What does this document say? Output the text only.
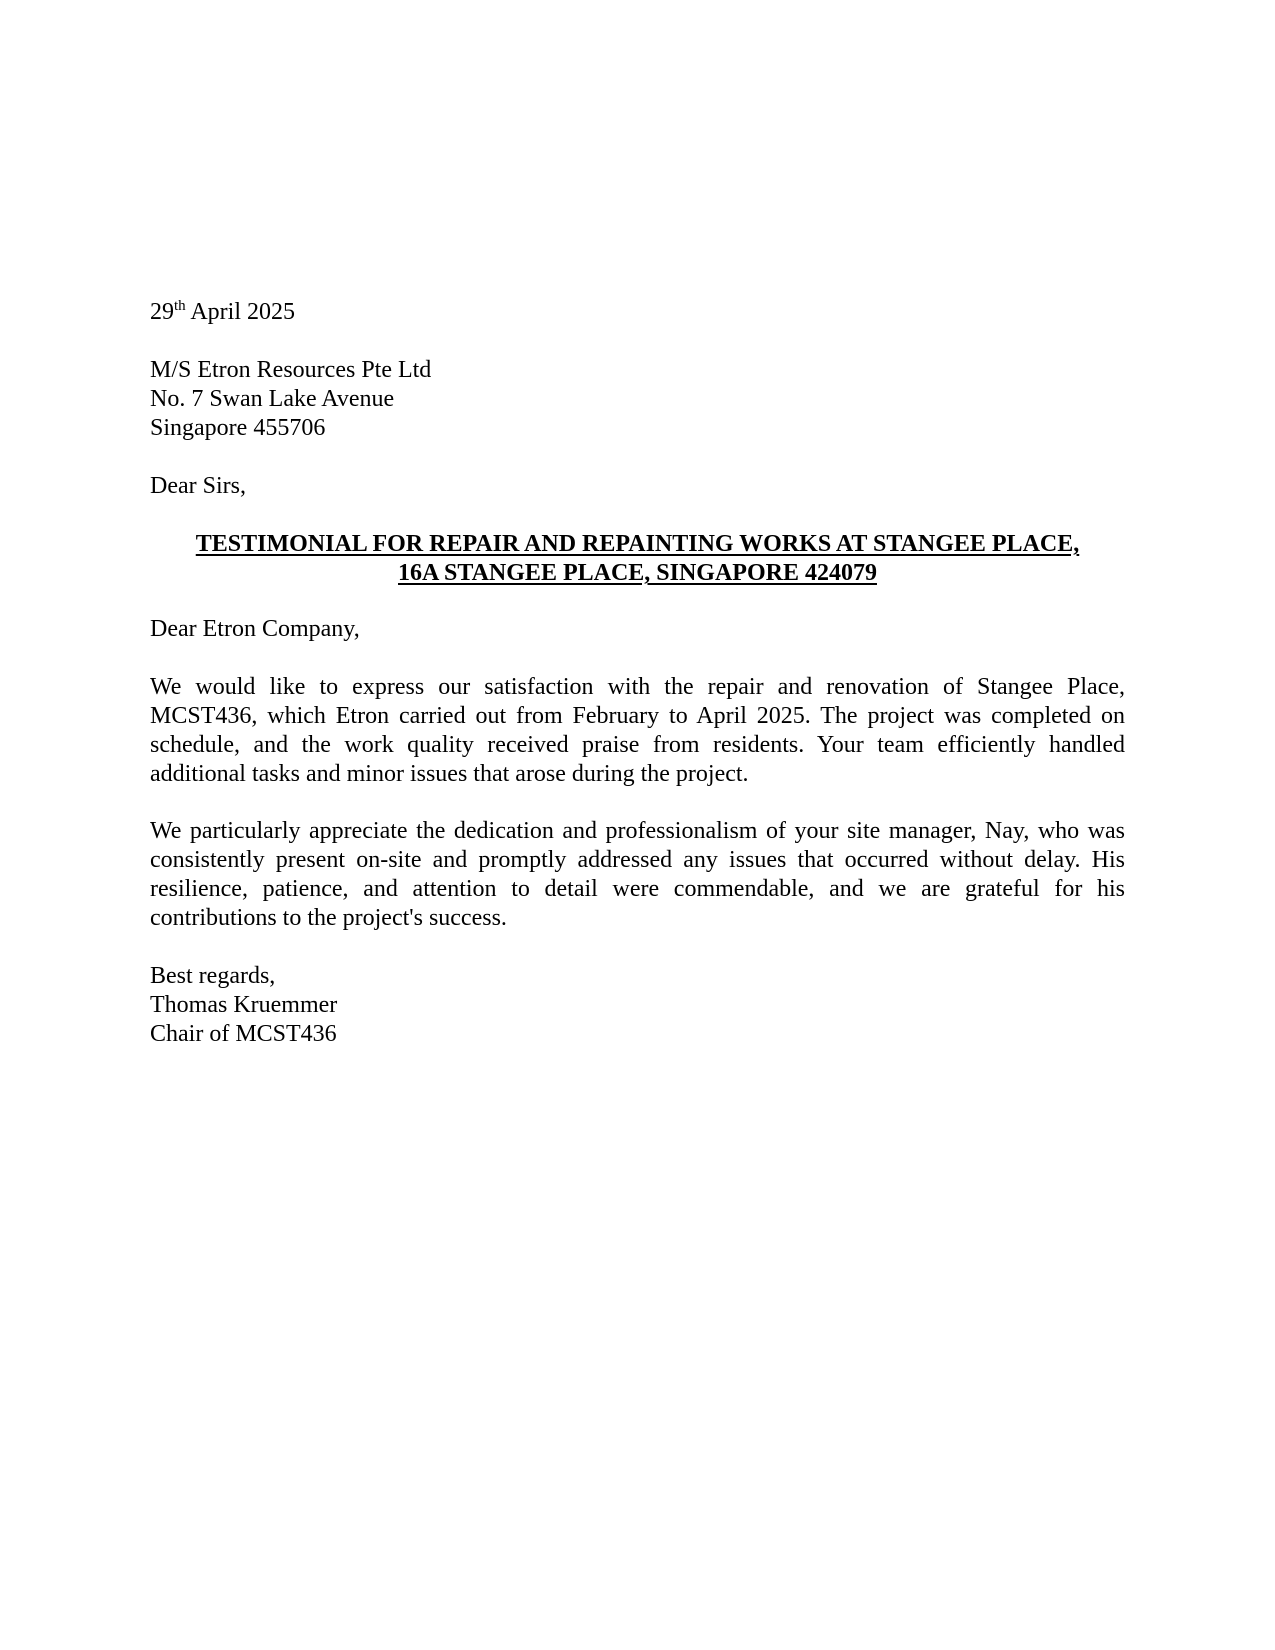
29th April 2025
M/S Etron Resources Pte Ltd
No. 7 Swan Lake Avenue
Singapore 455706
Dear Sirs,
TESTIMONIAL FOR REPAIR AND REPAINTING WORKS AT STANGEE PLACE,
16A STANGEE PLACE, SINGAPORE 424079
Dear Etron Company,
We would like to express our satisfaction with the repair and renovation of Stangee Place, MCST436, which Etron carried out from February to April 2025. The project was completed on schedule, and the work quality received praise from residents. Your team efficiently handled additional tasks and minor issues that arose during the project.
We particularly appreciate the dedication and professionalism of your site manager, Nay, who was consistently present on-site and promptly addressed any issues that occurred without delay. His resilience, patience, and attention to detail were commendable, and we are grateful for his contributions to the project's success.
Best regards,
Thomas Kruemmer
Chair of MCST436
